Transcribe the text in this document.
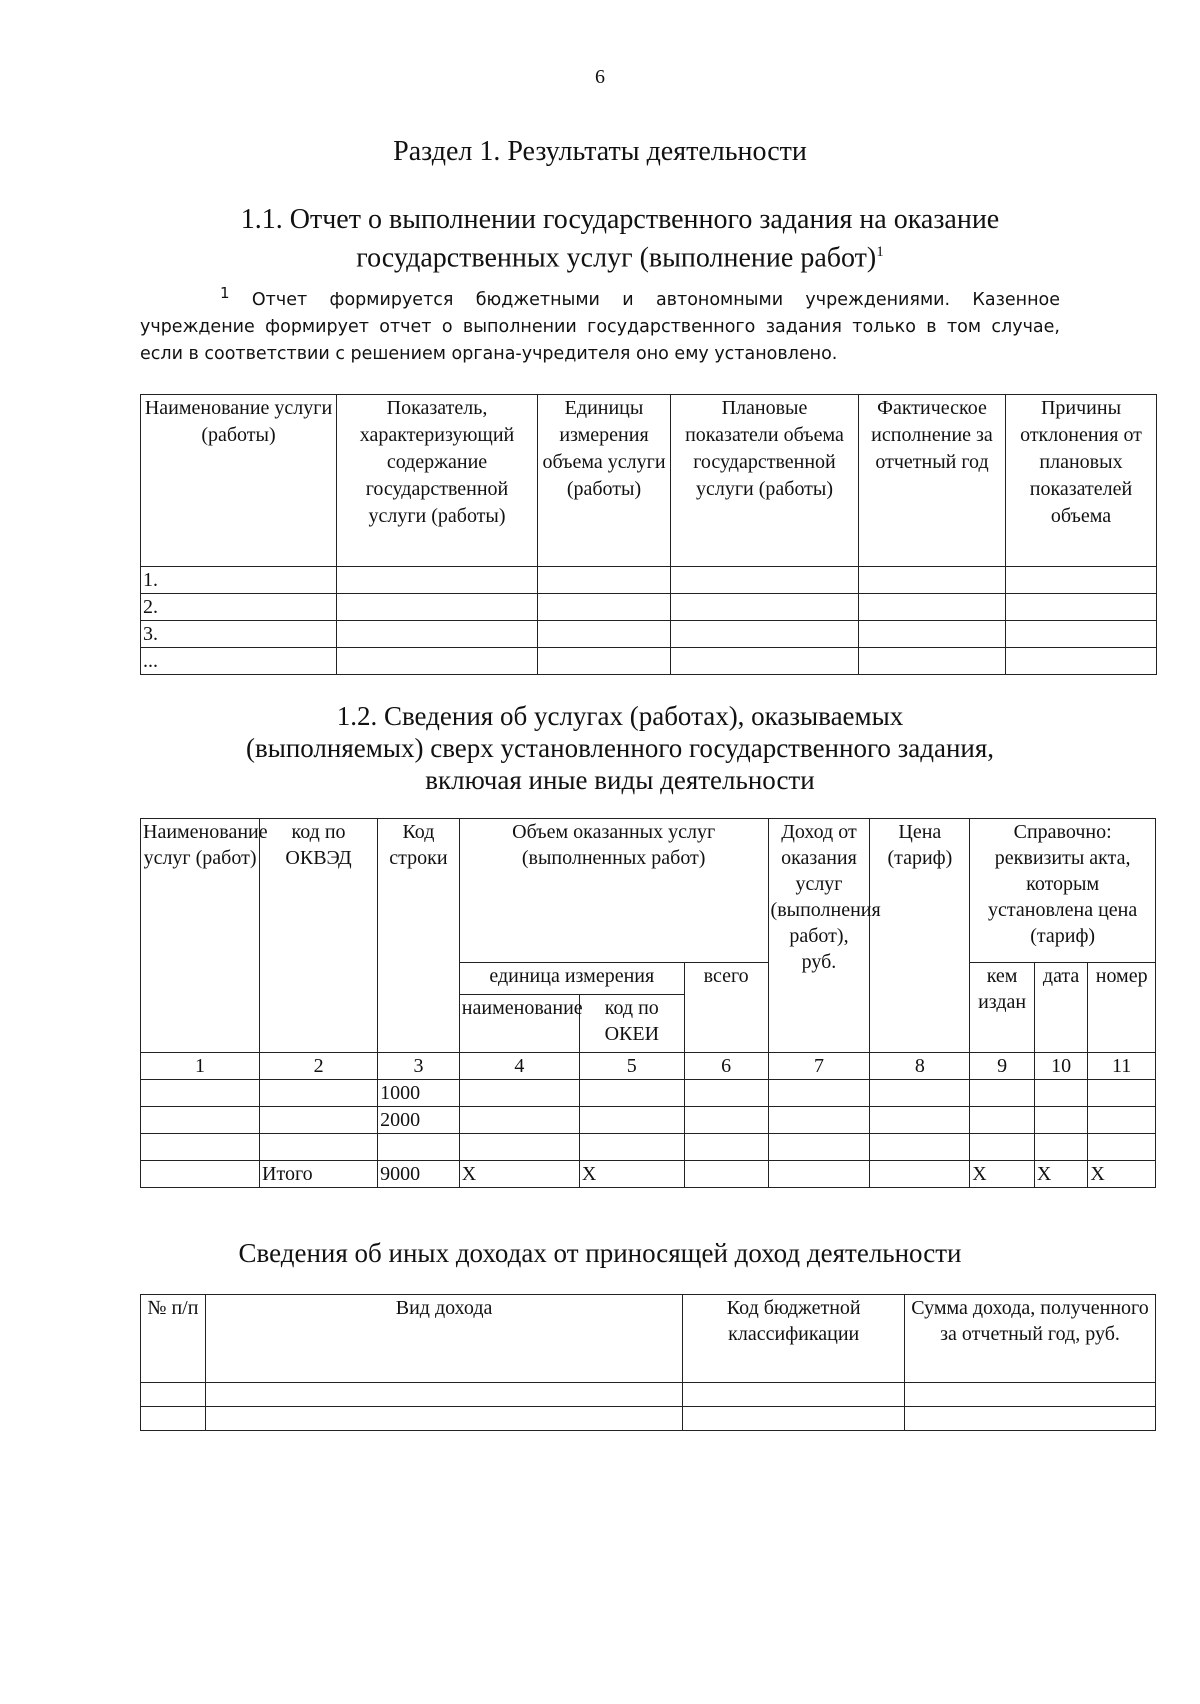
6
Раздел 1. Результаты деятельности
1.1. Отчет о выполнении государственного задания на оказание
государственных услуг (выполнение работ)$^1$
$^1$ Отчет формируется бюджетными и автономными учреждениями. Казенное учреждение формирует отчет о выполнении государственного задания только в том случае, если в соответствии с решением органа-учредителя оно ему установлено.
Наименование услуги (работы)	Показатель, характеризующий содержание государственной услуги (работы)	Единицы измерения объема услуги (работы)	Плановые показатели объема государственной услуги (работы)	Фактическое исполнение за отчетный год	Причины отклонения от плановых показателей объема
1.					
2.					
3.					
...					
1.2. Сведения об услугах (работах), оказываемых
(выполняемых) сверх установленного государственного задания,
включая иные виды деятельности
Наименование услуг (работ)	код по ОКВЭД	Код строки	Объем оказанных услуг (выполненных работ)			Доход от оказания услуг (выполнения работ), руб.	Цена (тариф)	Справочно: реквизиты акта, которым установлена цена (тариф)		
			единица измерения		всего			кем издан	дата	номер
			наименование	код по ОКЕИ						
1	2	3	4	5	6	7	8	9	10	11
		1000								
		2000								

	Итого	9000	X	X				X	X	X
Сведения об иных доходах от приносящей доход деятельности
№ п/п	Вид дохода	Код бюджетной классификации	Сумма дохода, полученного за отчетный год, руб.
